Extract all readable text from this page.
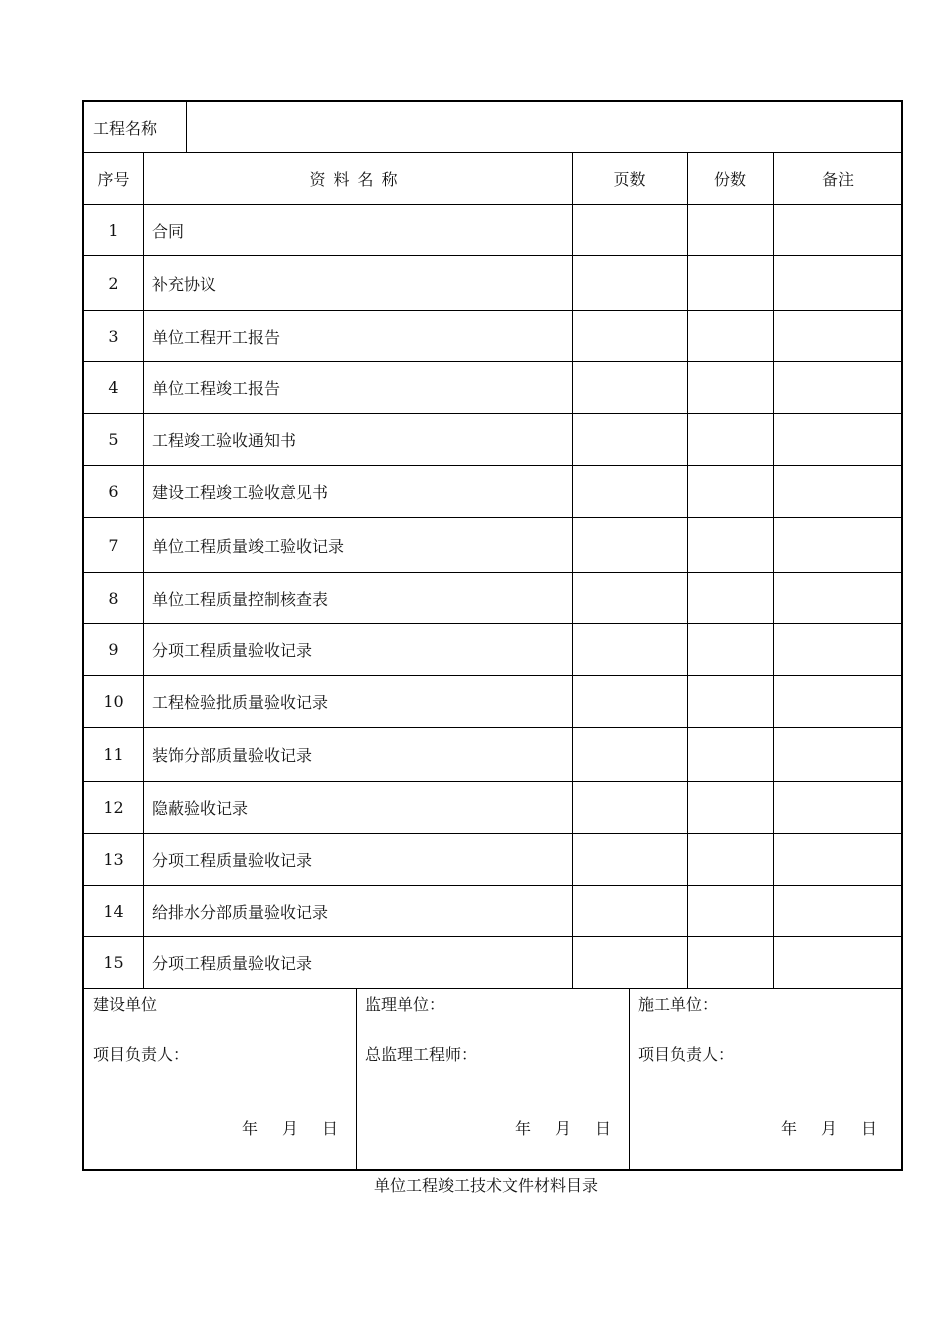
工程名称
序号	资料名称	页数	份数	备注
1	合同
2	补充协议
3	单位工程开工报告
4	单位工程竣工报告
5	工程竣工验收通知书
6	建设工程竣工验收意见书
7	单位工程质量竣工验收记录
8	单位工程质量控制核查表
9	分项工程质量验收记录
10	工程检验批质量验收记录
11	装饰分部质量验收记录
12	隐蔽验收记录
13	分项工程质量验收记录
14	给排水分部质量验收记录
15	分项工程质量验收记录
建设单位
项目负责人：
年　月　日
监理单位：
总监理工程师：
年　月　日
施工单位：
项目负责人：
年　月　日
单位工程竣工技术文件材料目录
